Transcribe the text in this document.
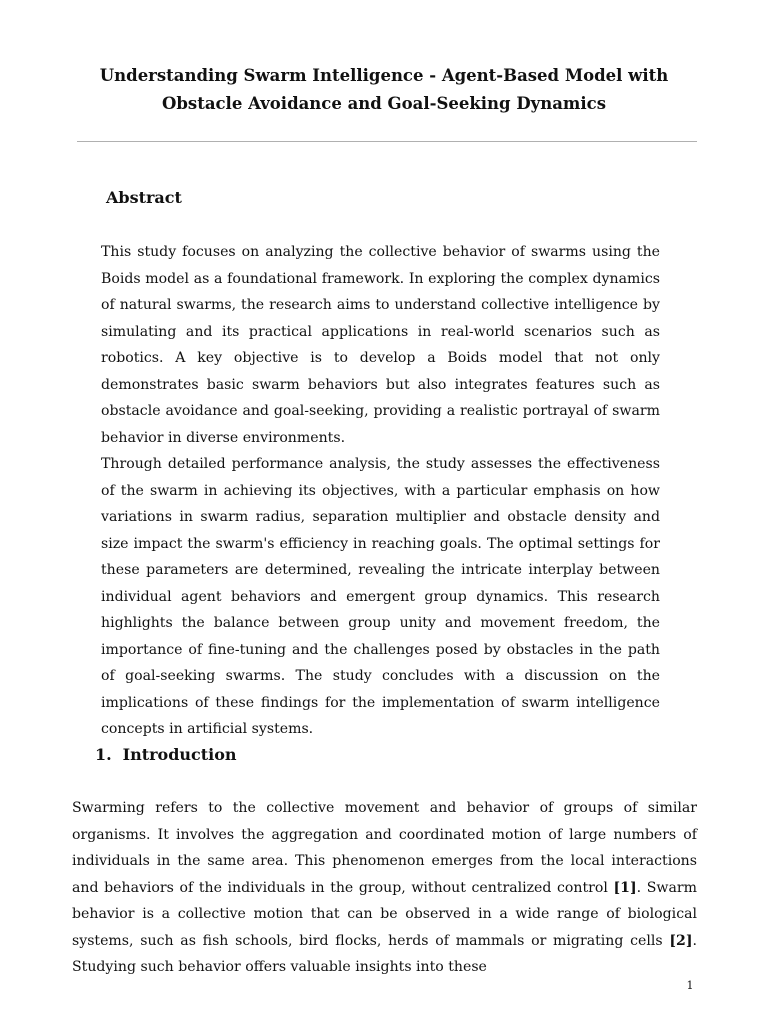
Understanding Swarm Intelligence - Agent-Based Model with
Obstacle Avoidance and Goal-Seeking Dynamics
Abstract

This study focuses on analyzing the collective behavior of swarms using the Boids model as a foundational framework. In exploring the complex dynamics of natural swarms, the research aims to understand collective intelligence by simulating and its practical applications in real-world scenarios such as robotics. A key objective is to develop a Boids model that not only demonstrates basic swarm behaviors but also integrates features such as obstacle avoidance and goal-seeking, providing a realistic portrayal of swarm behavior in diverse environments.

Through detailed performance analysis, the study assesses the effectiveness of the swarm in achieving its objectives, with a particular emphasis on how variations in swarm radius, separation multiplier and obstacle density and size impact the swarm's efficiency in reaching goals. The optimal settings for these parameters are determined, revealing the intricate interplay between individual agent behaviors and emergent group dynamics. This research highlights the balance between group unity and movement freedom, the importance of fine-tuning and the challenges posed by obstacles in the path of goal-seeking swarms. The study concludes with a discussion on the implications of these findings for the implementation of swarm intelligence concepts in artificial systems.

1. Introduction

Swarming refers to the collective movement and behavior of groups of similar organisms. It involves the aggregation and coordinated motion of large numbers of individuals in the same area. This phenomenon emerges from the local interactions and behaviors of the individuals in the group, without centralized control [1]. Swarm behavior is a collective motion that can be observed in a wide range of biological systems, such as fish schools, bird flocks, herds of mammals or migrating cells [2]. Studying such behavior offers valuable insights into these

1
